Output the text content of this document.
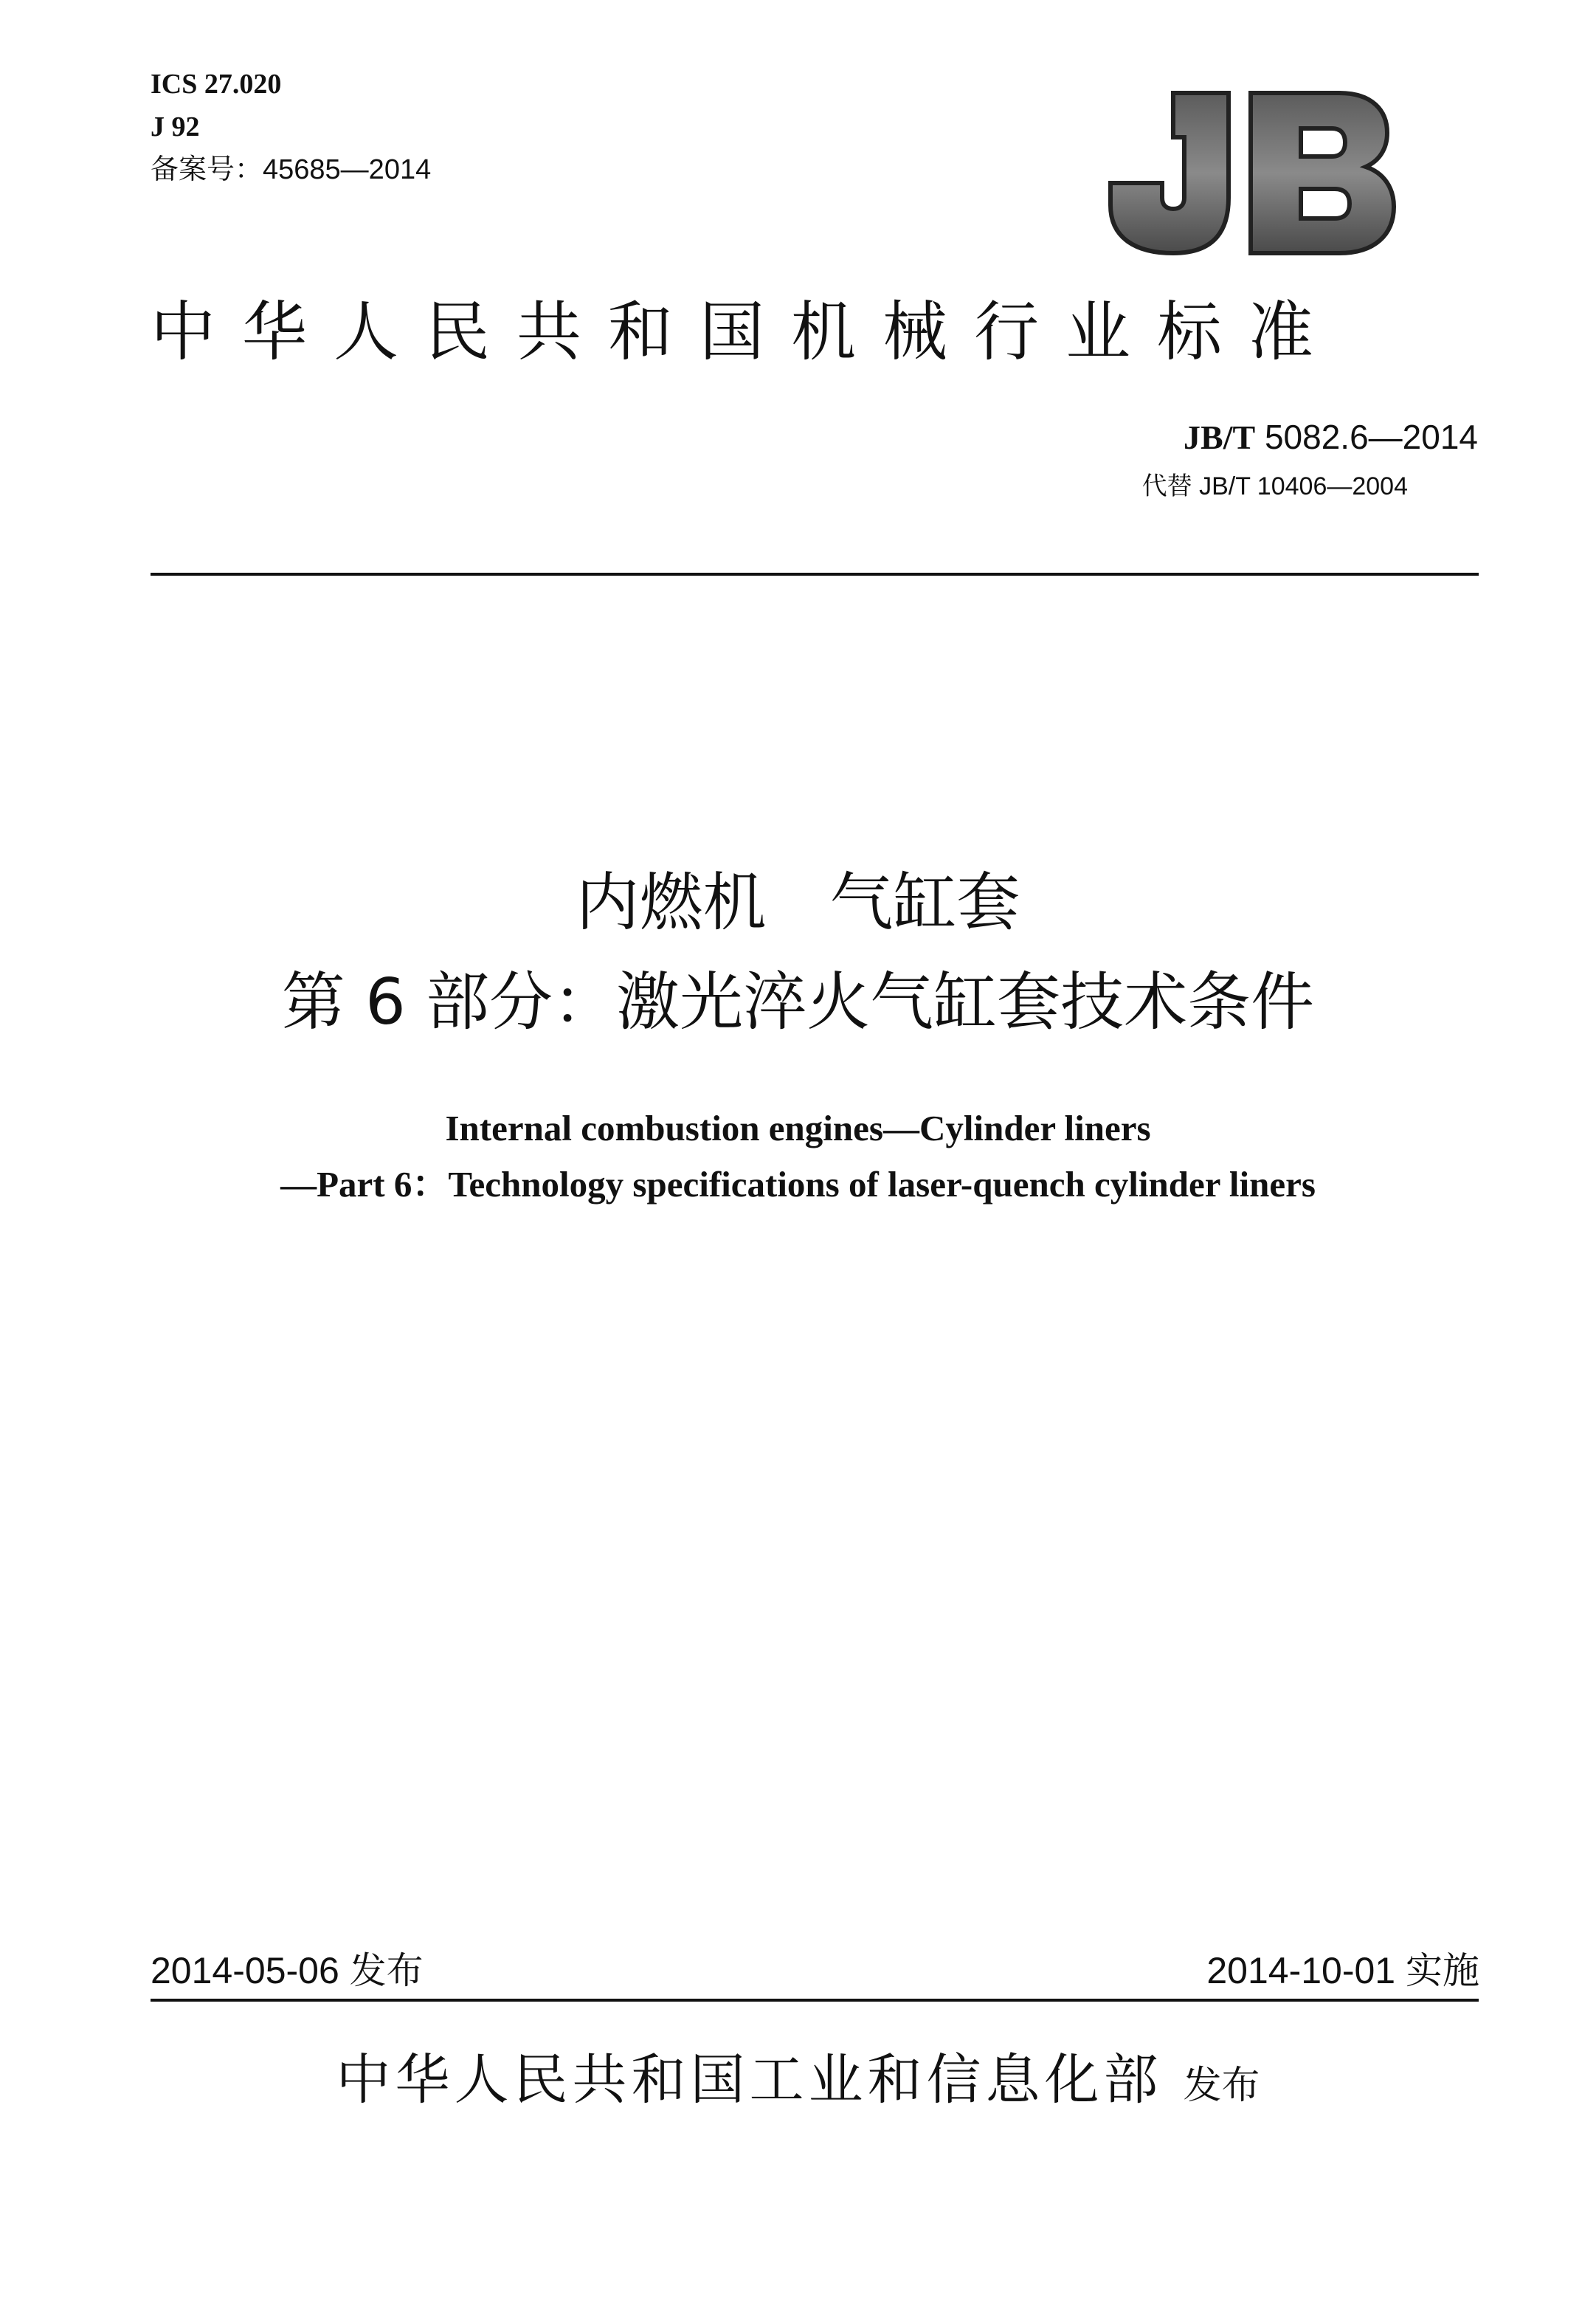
ICS 27.020
J 92
备案号：45685—2014
中华人民共和国机械行业标准
JB/T 5082.6—2014
代替 JB/T 10406—2004
内燃机　气缸套
第 6 部分：激光淬火气缸套技术条件
Internal combustion engines—Cylinder liners
—Part 6：Technology specifications of laser-quench cylinder liners
2014-05-06 发布	2014-10-01 实施
中华人民共和国工业和信息化部 发布
